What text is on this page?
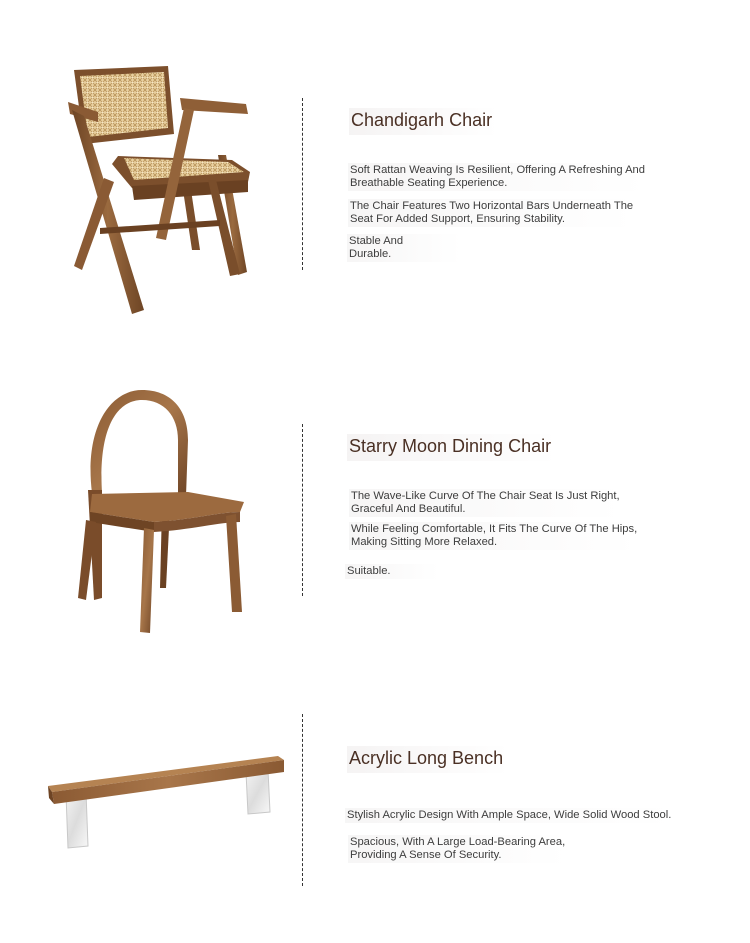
Chandigarh Chair
Soft Rattan Weaving Is Resilient, Offering A Refreshing And
Breathable Seating Experience.
The Chair Features Two Horizontal Bars Underneath The
Seat For Added Support, Ensuring Stability.
Stable And
Durable.
Starry Moon Dining Chair
The Wave-Like Curve Of The Chair Seat Is Just Right,
Graceful And Beautiful.
While Feeling Comfortable, It Fits The Curve Of The Hips,
Making Sitting More Relaxed.
Suitable.
Acrylic Long Bench
Stylish Acrylic Design With Ample Space, Wide Solid Wood Stool.
Spacious, With A Large Load-Bearing Area,
Providing A Sense Of Security.
